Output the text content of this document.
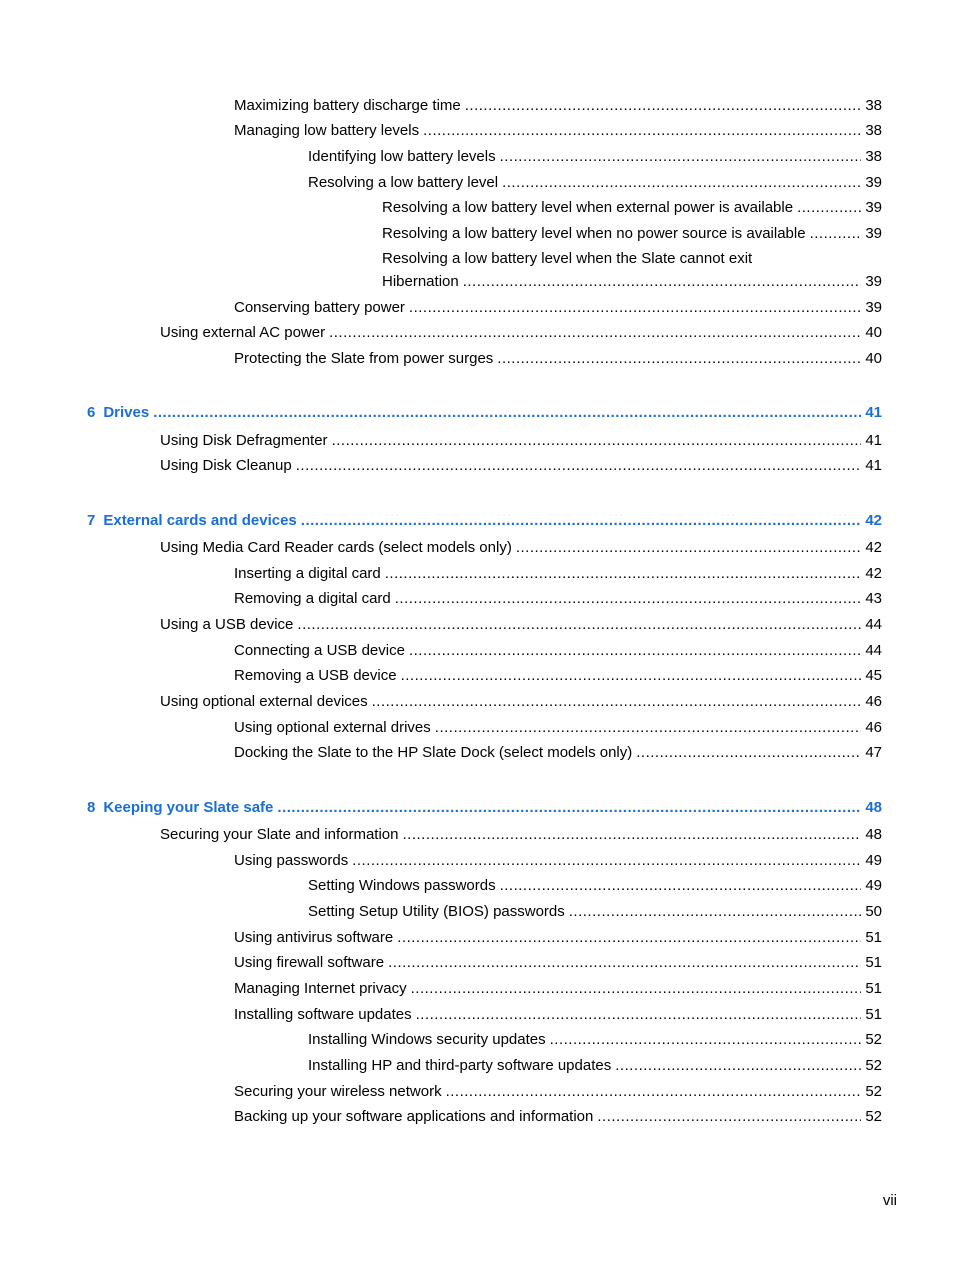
Maximizing battery discharge time .....	38
Managing low battery levels .....	38
Identifying low battery levels .....	38
Resolving a low battery level .....	39
Resolving a low battery level when external power is available .....	39
Resolving a low battery level when no power source is available .....	39
Resolving a low battery level when the Slate cannot exit
Hibernation .....	39
Conserving battery power .....	39
Using external AC power .....	40
Protecting the Slate from power surges .....	40
6 Drives .....	41
Using Disk Defragmenter .....	41
Using Disk Cleanup .....	41
7 External cards and devices .....	42
Using Media Card Reader cards (select models only) .....	42
Inserting a digital card .....	42
Removing a digital card .....	43
Using a USB device .....	44
Connecting a USB device .....	44
Removing a USB device .....	45
Using optional external devices .....	46
Using optional external drives .....	46
Docking the Slate to the HP Slate Dock (select models only) .....	47
8 Keeping your Slate safe .....	48
Securing your Slate and information .....	48
Using passwords .....	49
Setting Windows passwords .....	49
Setting Setup Utility (BIOS) passwords .....	50
Using antivirus software .....	51
Using firewall software .....	51
Managing Internet privacy .....	51
Installing software updates .....	51
Installing Windows security updates .....	52
Installing HP and third-party software updates .....	52
Securing your wireless network .....	52
Backing up your software applications and information .....	52
vii
